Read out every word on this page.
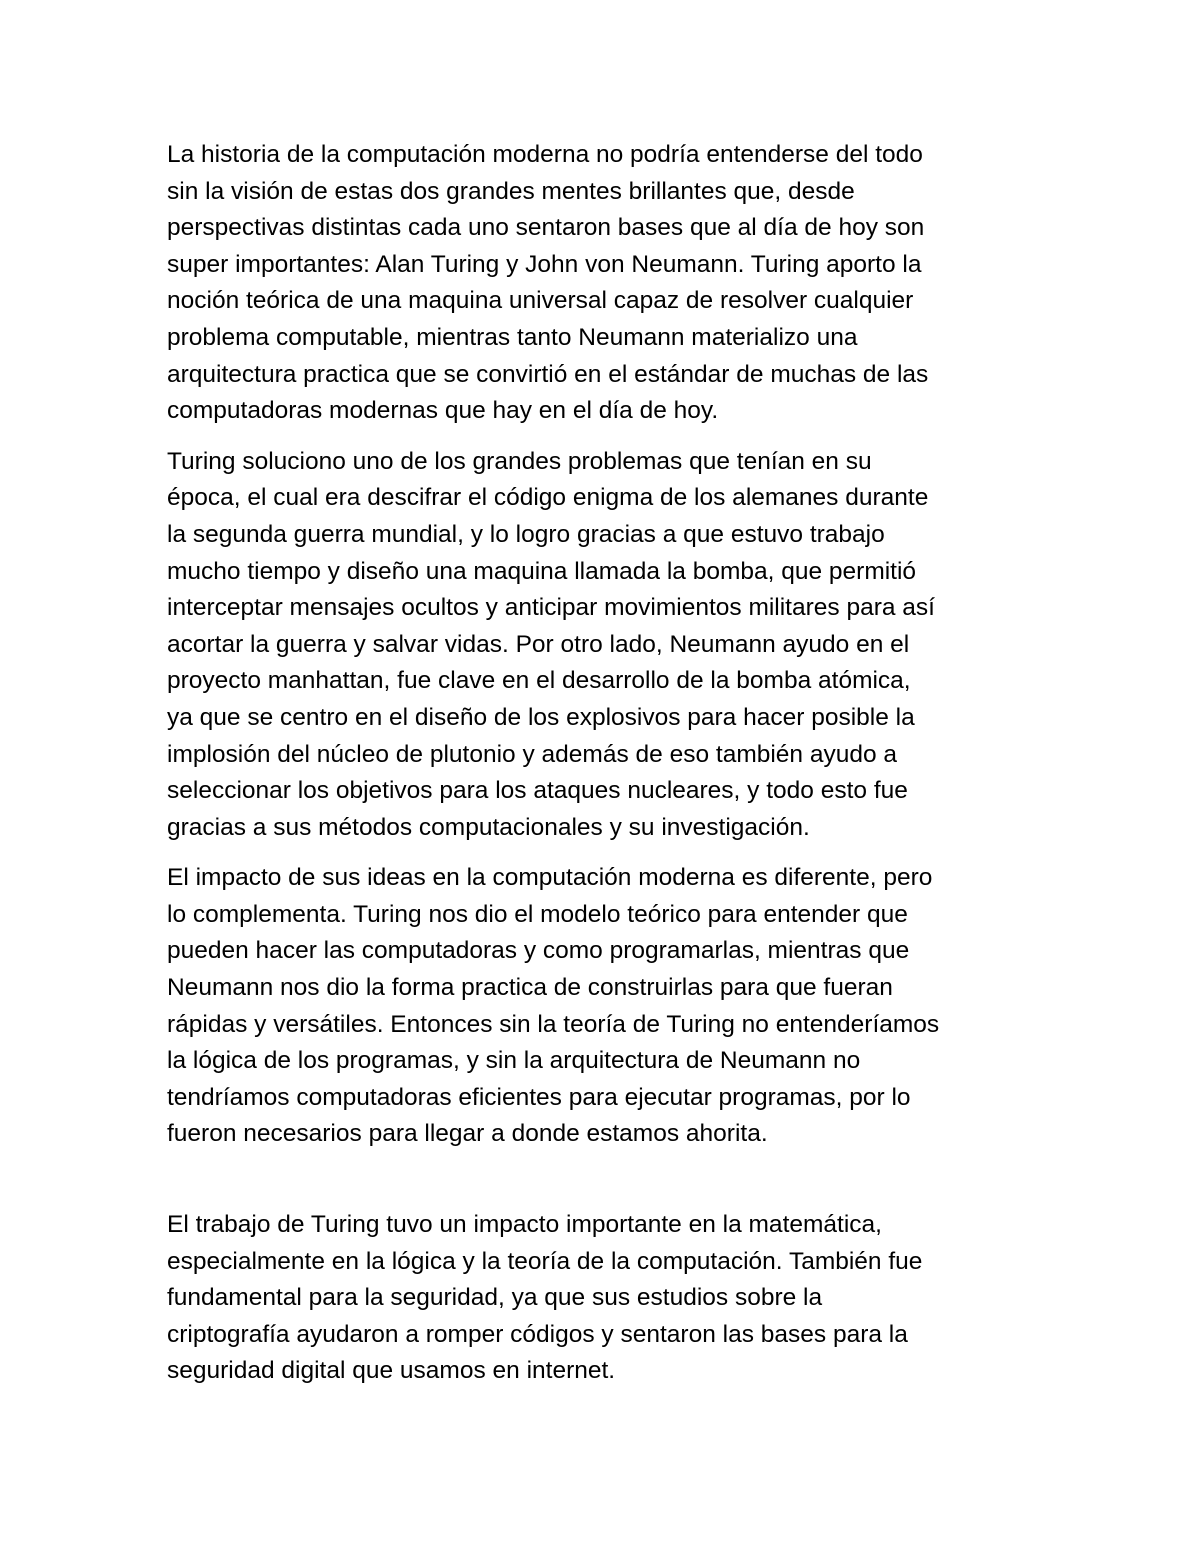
La historia de la computación moderna no podría entenderse del todo
sin la visión de estas dos grandes mentes brillantes que, desde
perspectivas distintas cada uno sentaron bases que al día de hoy son
super importantes: Alan Turing y John von Neumann. Turing aporto la
noción teórica de una maquina universal capaz de resolver cualquier
problema computable, mientras tanto Neumann materializo una
arquitectura practica que se convirtió en el estándar de muchas de las
computadoras modernas que hay en el día de hoy.

Turing soluciono uno de los grandes problemas que tenían en su
época, el cual era descifrar el código enigma de los alemanes durante
la segunda guerra mundial, y lo logro gracias a que estuvo trabajo
mucho tiempo y diseño una maquina llamada la bomba, que permitió
interceptar mensajes ocultos y anticipar movimientos militares para así
acortar la guerra y salvar vidas. Por otro lado, Neumann ayudo en el
proyecto manhattan, fue clave en el desarrollo de la bomba atómica,
ya que se centro en el diseño de los explosivos para hacer posible la
implosión del núcleo de plutonio y además de eso también ayudo a
seleccionar los objetivos para los ataques nucleares, y todo esto fue
gracias a sus métodos computacionales y su investigación.

El impacto de sus ideas en la computación moderna es diferente, pero
lo complementa. Turing nos dio el modelo teórico para entender que
pueden hacer las computadoras y como programarlas, mientras que
Neumann nos dio la forma practica de construirlas para que fueran
rápidas y versátiles. Entonces sin la teoría de Turing no entenderíamos
la lógica de los programas, y sin la arquitectura de Neumann no
tendríamos computadoras eficientes para ejecutar programas, por lo
fueron necesarios para llegar a donde estamos ahorita.

El trabajo de Turing tuvo un impacto importante en la matemática,
especialmente en la lógica y la teoría de la computación. También fue
fundamental para la seguridad, ya que sus estudios sobre la
criptografía ayudaron a romper códigos y sentaron las bases para la
seguridad digital que usamos en internet.
